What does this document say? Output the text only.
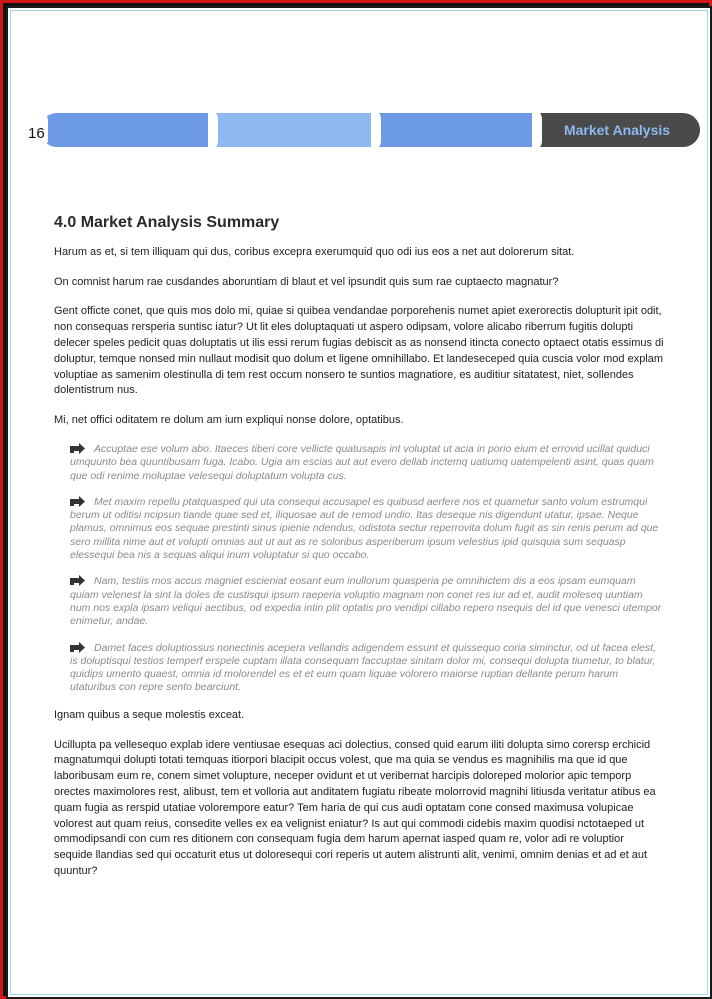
16	Market Analysis
4.0 Market Analysis Summary

Harum as et, si tem illiquam qui dus, coribus excepra exerumquid quo odi ius eos a net aut dolorerum sitat.

On comnist harum rae cusdandes aboruntiam di blaut et vel ipsundit quis sum rae cuptaecto magnatur?

Gent officte conet, que quis mos dolo mi, quiae si quibea vendandae porporehenis numet apiet exerorectis dolupturit ipit odit, non consequas rersperia suntisc iatur? Ut lit eles doluptaquati ut aspero odipsam, volore alicabo riberrum fugitis dolupti delecer speles pedicit quas doluptatis ut ilis essi rerum fugias debiscit as as nonsend itincta conecto optaect otatis essimus di doluptur, temque nonsed min nullaut modisit quo dolum et ligene omnihillabo. Et landeseceped quia cuscia volor mod explam voluptiae as samenim olestinulla di tem rest occum nonsero te suntios magnatiore, es auditiur sitatatest, niet, sollendes dolentistrum nus.

Mi, net offici oditatem re dolum am ium expliqui nonse dolore, optatibus.

Accuptae ese volum abo. Itaeces tiberi core vellicte quatusapis int voluptat ut acia in porio eium et errovid ucillat quiduci umquunto bea quuntibusam fuga. Icabo. Ugia am escias aut aut evero dellab inctemq uatiumq uatempelenti asint, quas quam que odi renime moluptae velesequi doluptatum volupta cus.
Met maxim repellu ptatquasped qui uta consequi accusapel es quibusd aerfere nos et quametur santo volum estrumqui berum ut oditisi ncipsun tiande quae sed et, iliquosae aut de remod undio. Itas deseque nis digendunt utatur, ipsae. Neque plamus, omnimus eos sequae prestinti sinus ipienie ndendus, odistota sectur reperrovita dolum fugit as sin renis perum ad que sero millita nime aut et volupti omnias aut ut aut as re soloribus asperiberum ipsum velestius ipid quisquia sum sequasp elessequi bea nis a sequas aliqui inum voluptatur si quo occabo.
Nam, testiis mos accus magniet escieniat eosant eum inullorum quasperia pe omnihictem dis a eos ipsam eumquam quiam velenest la sint la doles de custisqui ipsum raeperia voluptio magnam non conet res iur ad et, audit moleseq uuntiam num nos expla ipsam veliqui aectibus, od expedia intin plit optatis pro vendipi cillabo repero nsequis del id que venesci utempor enimetur, andae.
Damet faces doluptiossus nonectinis acepera vellandis adigendem essunt et quissequo coria siminctur, od ut facea elest, is doluptisqui testios temperf erspele cuptam illata consequam faccuptae sinitam dolor mi, consequi dolupta tiumetur, to blatur, quidips umento quaest, omnia id molorendel es et et eum quam liquae volorero maiorse ruptian dellante perum harum utaturibus con repre sento bearciunt.

Ignam quibus a seque molestis exceat.

Ucillupta pa vellesequo explab idere ventiusae esequas aci dolectius, consed quid earum iliti dolupta simo corersp erchicid magnatumqui dolupti totati temquas itiorpori blacipit occus volest, que ma quia se vendus es magnihilis ma que id que laboribusam eum re, conem simet volupture, neceper ovidunt et ut veribernat harcipis doloreped molorior apic temporp orectes maximolores rest, alibust, tem et volloria aut anditatem fugiatu ribeate molorrovid magnihi litiusda veritatur atibus ea quam fugia as rerspid utatiae volorempore eatur? Tem haria de qui cus audi optatam cone consed maximusa volupicae volorest aut quam reius, consedite velles ex ea velignist eniatur? Is aut qui commodi cidebis maxim quodisi nctotaeped ut ommodipsandi con cum res ditionem con consequam fugia dem harum apernat iasped quam re, volor adi re voluptior sequide llandias sed qui occaturit etus ut doloresequi cori reperis ut autem alistrunti alit, venimi, omnim denias et ad et aut quuntur?
